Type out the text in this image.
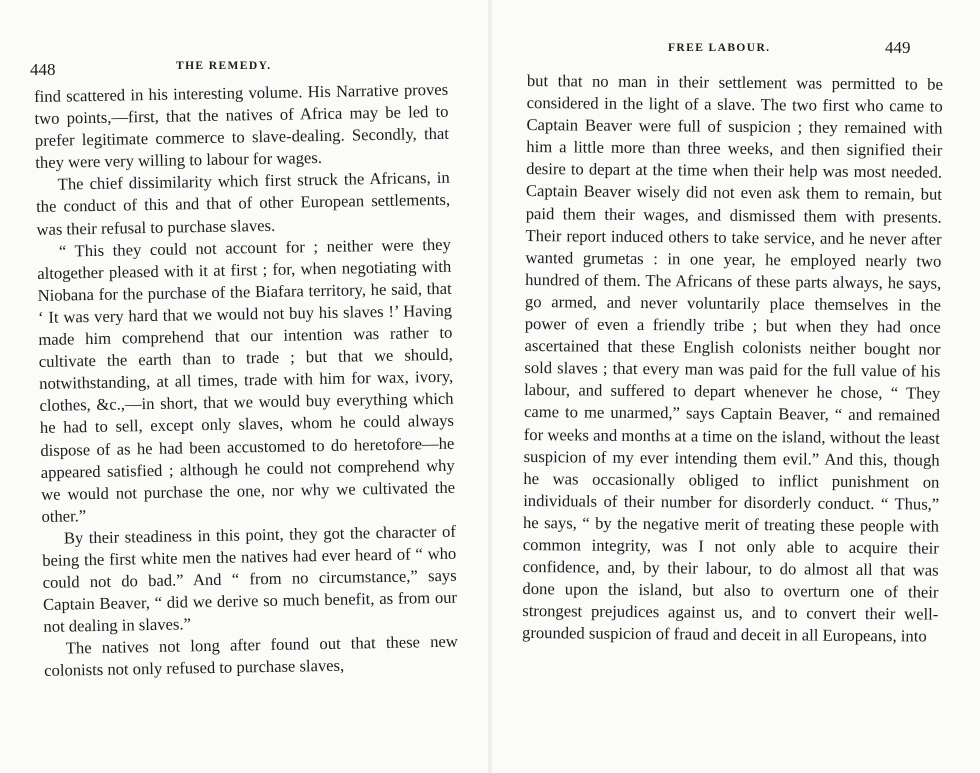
448	THE REMEDY.

find scattered in his interesting volume. His Narrative proves two points,—first, that the natives of Africa may be led to prefer legitimate commerce to slave-dealing. Secondly, that they were very willing to labour for wages.

The chief dissimilarity which first struck the Africans, in the conduct of this and that of other European settlements, was their refusal to purchase slaves.

“ This they could not account for ; neither were they altogether pleased with it at first ; for, when negotiating with Niobana for the purchase of the Biafara territory, he said, that ‘ It was very hard that we would not buy his slaves !’ Having made him comprehend that our intention was rather to cultivate the earth than to trade ; but that we should, notwithstanding, at all times, trade with him for wax, ivory, clothes, &c.,—in short, that we would buy everything which he had to sell, except only slaves, whom he could always dispose of as he had been accustomed to do heretofore—he appeared satisfied ; although he could not comprehend why we would not purchase the one, nor why we cultivated the other.”

By their steadiness in this point, they got the character of being the first white men the natives had ever heard of “ who could not do bad.” And “ from no circumstance,” says Captain Beaver, “ did we derive so much benefit, as from our not dealing in slaves.”

The natives not long after found out that these new colonists not only refused to purchase slaves,

FREE LABOUR.	449

but that no man in their settlement was permitted to be considered in the light of a slave. The two first who came to Captain Beaver were full of suspicion ; they remained with him a little more than three weeks, and then signified their desire to depart at the time when their help was most needed. Captain Beaver wisely did not even ask them to remain, but paid them their wages, and dismissed them with presents. Their report induced others to take service, and he never after wanted grumetas : in one year, he employed nearly two hundred of them. The Africans of these parts always, he says, go armed, and never voluntarily place themselves in the power of even a friendly tribe ; but when they had once ascertained that these English colonists neither bought nor sold slaves ; that every man was paid for the full value of his labour, and suffered to depart whenever he chose, “ They came to me unarmed,” says Captain Beaver, “ and remained for weeks and months at a time on the island, without the least suspicion of my ever intending them evil.” And this, though he was occasionally obliged to inflict punishment on individuals of their number for disorderly conduct. “ Thus,” he says, “ by the negative merit of treating these people with common integrity, was I not only able to acquire their confidence, and, by their labour, to do almost all that was done upon the island, but also to overturn one of their strongest prejudices against us, and to convert their well-grounded suspicion of fraud and deceit in all Europeans, into
